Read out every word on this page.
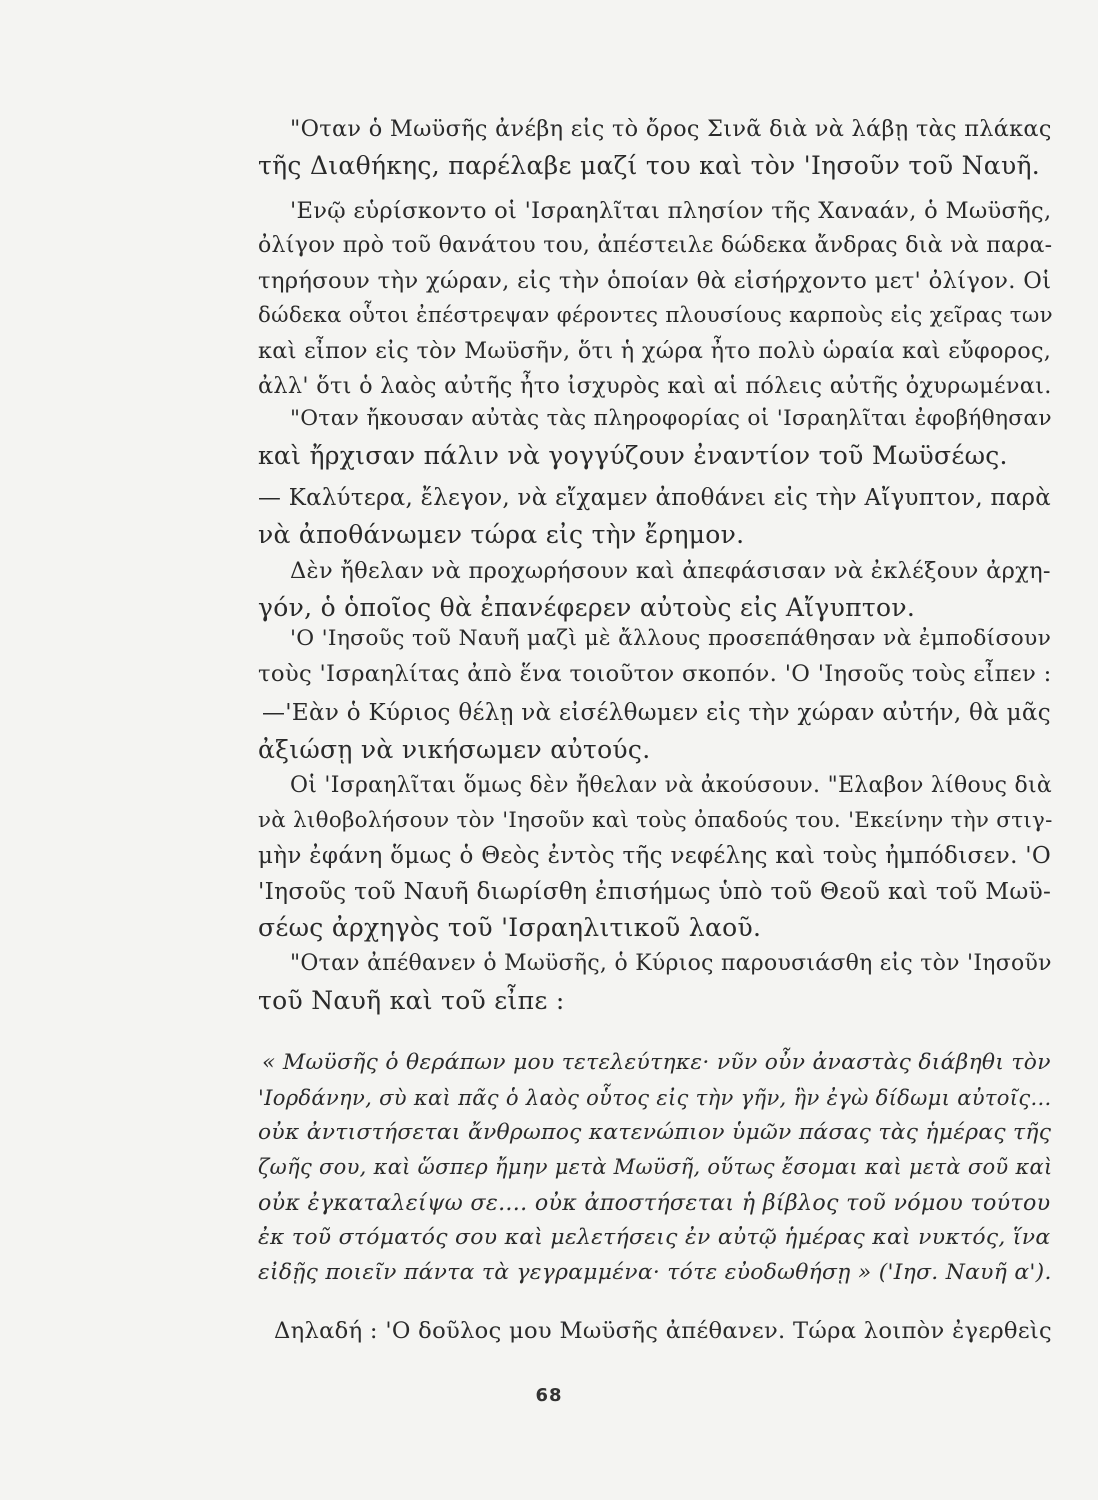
"Οταν ὁ Μωϋσῆς ἀνέβη εἰς τὸ ὄρος Σινᾶ διὰ νὰ λάβῃ τὰς πλάκας
τῆς Διαθήκης, παρέλαβε μαζί του καὶ τὸν 'Ιησοῦν τοῦ Ναυῆ.
'Ενῷ εὑρίσκοντο οἱ 'Ισραηλῖται πλησίον τῆς Χαναάν, ὁ Μωϋσῆς,
ὀλίγον πρὸ τοῦ θανάτου του, ἀπέστειλε δώδεκα ἄνδρας διὰ νὰ παρα-
τηρήσουν τὴν χώραν, εἰς τὴν ὁποίαν θὰ εἰσήρχοντο μετ' ὀλίγον. Οἱ
δώδεκα οὗτοι ἐπέστρεψαν φέροντες πλουσίους καρποὺς εἰς χεῖρας των
καὶ εἶπον εἰς τὸν Μωϋσῆν, ὅτι ἡ χώρα ἦτο πολὺ ὡραία καὶ εὔφορος,
ἀλλ' ὅτι ὁ λαὸς αὐτῆς ἦτο ἰσχυρὸς καὶ αἱ πόλεις αὐτῆς ὀχυρωμέναι.
"Οταν ἤκουσαν αὐτὰς τὰς πληροφορίας οἱ 'Ισραηλῖται ἐφοβήθησαν
καὶ ἤρχισαν πάλιν νὰ γογγύζουν ἐναντίον τοῦ Μωϋσέως.
— Καλύτερα, ἔλεγον, νὰ εἴχαμεν ἀποθάνει εἰς τὴν Αἴγυπτον, παρὰ
νὰ ἀποθάνωμεν τώρα εἰς τὴν ἔρημον.
Δὲν ἤθελαν νὰ προχωρήσουν καὶ ἀπεφάσισαν νὰ ἐκλέξουν ἀρχη-
γόν, ὁ ὁποῖος θὰ ἐπανέφερεν αὐτοὺς εἰς Αἴγυπτον.
'Ο 'Ιησοῦς τοῦ Ναυῆ μαζὶ μὲ ἄλλους προσεπάθησαν νὰ ἐμποδίσουν
τοὺς 'Ισραηλίτας ἀπὸ ἕνα τοιοῦτον σκοπόν. 'Ο 'Ιησοῦς τοὺς εἶπεν :
—'Εὰν ὁ Κύριος θέλῃ νὰ εἰσέλθωμεν εἰς τὴν χώραν αὐτήν, θὰ μᾶς
ἀξιώσῃ νὰ νικήσωμεν αὐτούς.
Οἱ 'Ισραηλῖται ὅμως δὲν ἤθελαν νὰ ἀκούσουν. "Ελαβον λίθους διὰ
νὰ λιθοβολήσουν τὸν 'Ιησοῦν καὶ τοὺς ὀπαδούς του. 'Εκείνην τὴν στιγ-
μὴν ἐφάνη ὅμως ὁ Θεὸς ἐντὸς τῆς νεφέλης καὶ τοὺς ἠμπόδισεν. 'Ο
'Ιησοῦς τοῦ Ναυῆ διωρίσθη ἐπισήμως ὑπὸ τοῦ Θεοῦ καὶ τοῦ Μωϋ-
σέως ἀρχηγὸς τοῦ 'Ισραηλιτικοῦ λαοῦ.
"Οταν ἀπέθανεν ὁ Μωϋσῆς, ὁ Κύριος παρουσιάσθη εἰς τὸν 'Ιησοῦν
τοῦ Ναυῆ καὶ τοῦ εἶπε :
« Μωϋσῆς ὁ θεράπων μου τετελεύτηκε· νῦν οὖν ἀναστὰς διάβηθι τὸν
'Ιορδάνην, σὺ καὶ πᾶς ὁ λαὸς οὗτος εἰς τὴν γῆν, ἣν ἐγὼ δίδωμι αὐτοῖς...
οὐκ ἀντιστήσεται ἄνθρωπος κατενώπιον ὑμῶν πάσας τὰς ἡμέρας τῆς
ζωῆς σου, καὶ ὥσπερ ἤμην μετὰ Μωϋσῆ, οὕτως ἔσομαι καὶ μετὰ σοῦ καὶ
οὐκ ἐγκαταλείψω σε.... οὐκ ἀποστήσεται ἡ βίβλος τοῦ νόμου τούτου
ἐκ τοῦ στόματός σου καὶ μελετήσεις ἐν αὐτῷ ἡμέρας καὶ νυκτός, ἵνα
εἰδῇς ποιεῖν πάντα τὰ γεγραμμένα· τότε εὐοδωθήσῃ » ('Ιησ. Ναυῆ α').
Δηλαδή : 'Ο δοῦλος μου Μωϋσῆς ἀπέθανεν. Τώρα λοιπὸν ἐγερθεὶς
68
